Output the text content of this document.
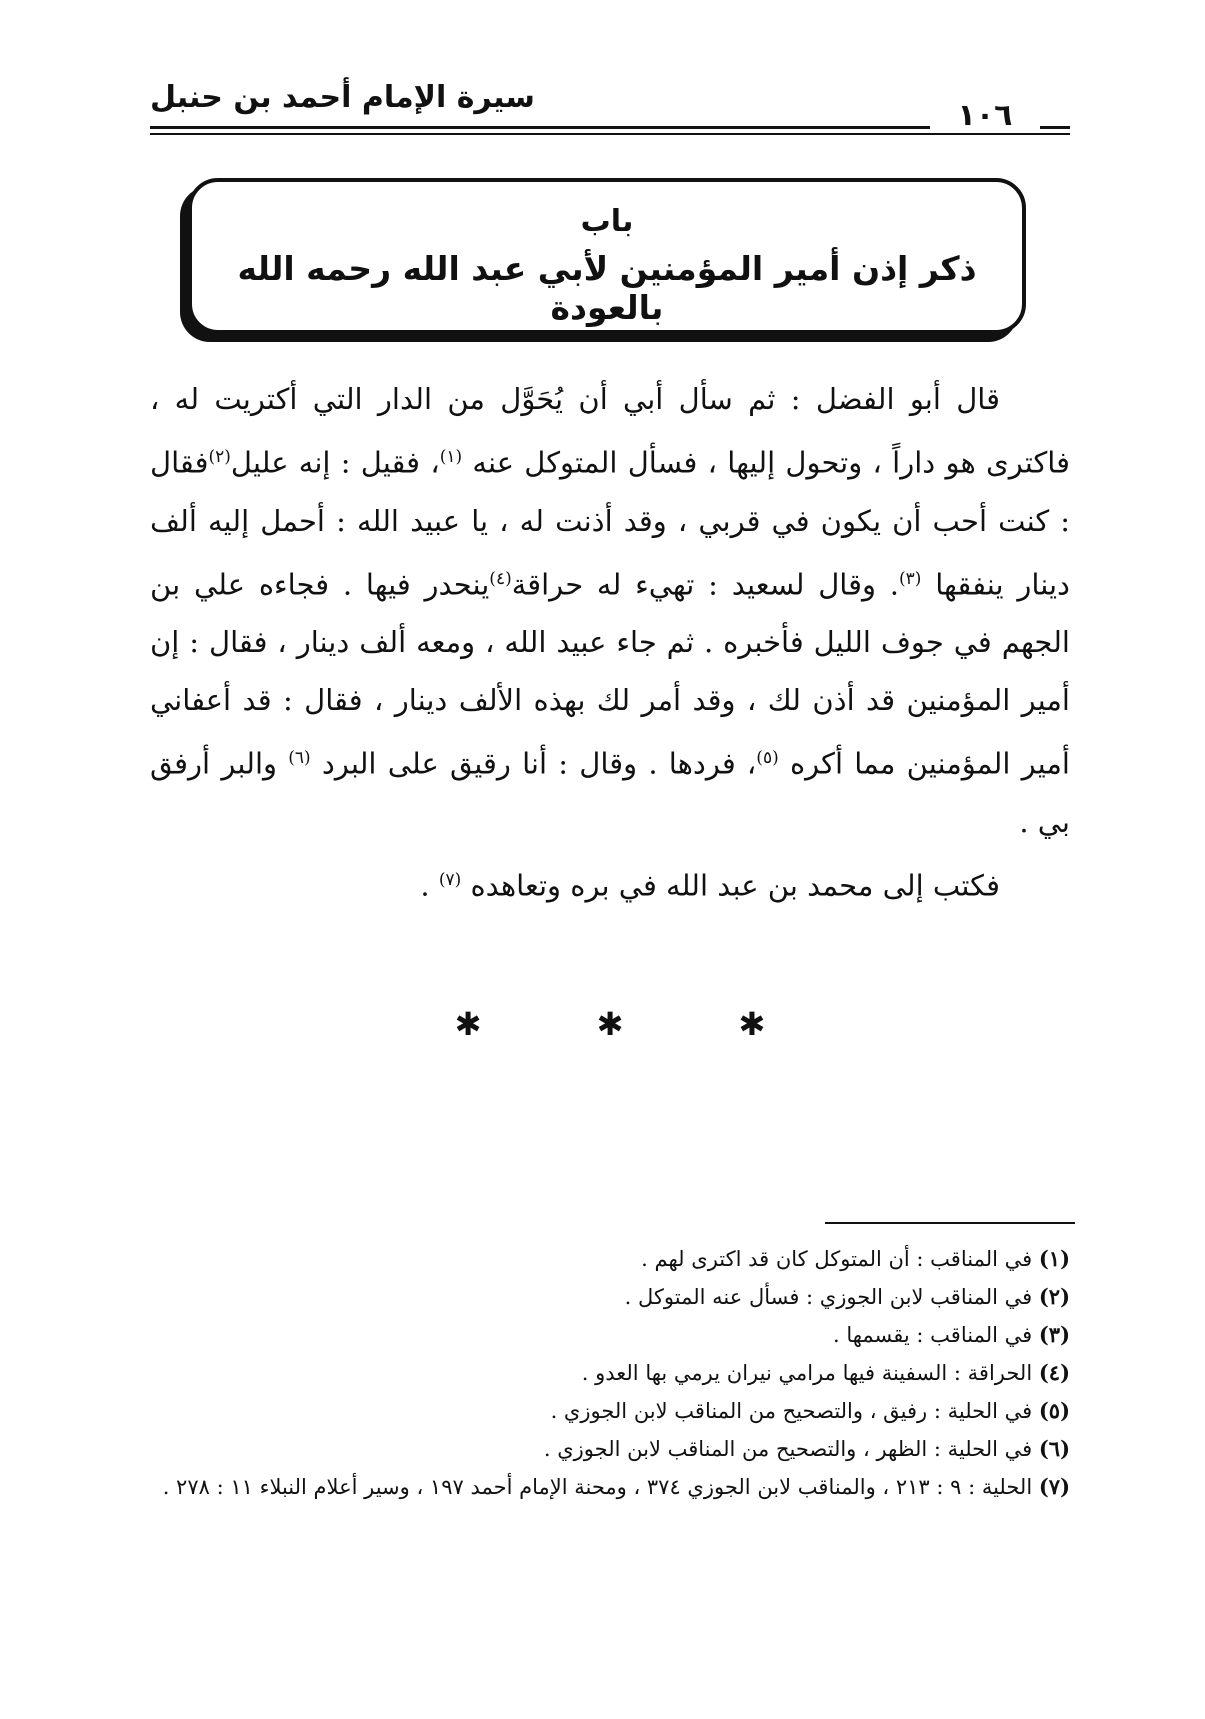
سيرة الإمام أحمد بن حنبل
١٠٦
باب
ذكر إذن أمير المؤمنين لأبي عبد الله رحمه الله بالعودة

قال أبو الفضل : ثم سأل أبي أن يُحَوَّل من الدار التي أكتريت له ، فاكترى هو داراً ، وتحول إليها ، فسأل المتوكل عنه $^{(١)}$، فقيل : إنه عليل$^{(٢)}$فقال : كنت أحب أن يكون في قربي ، وقد أذنت له ، يا عبيد الله : أحمل إليه ألف دينار ينفقها $^{(٣)}$. وقال لسعيد : تهيء له حراقة$^{(٤)}$ينحدر فيها . فجاءه علي بن الجهم في جوف الليل فأخبره . ثم جاء عبيد الله ، ومعه ألف دينار ، فقال : إن أمير المؤمنين قد أذن لك ، وقد أمر لك بهذه الألف دينار ، فقال : قد أعفاني أمير المؤمنين مما أكره $^{(٥)}$، فردها . وقال : أنا رقيق على البرد $^{(٦)}$ والبر أرفق بي .

فكتب إلى محمد بن عبد الله في بره وتعاهده $^{(٧)}$ .

✱	✱	✱

(١) في المناقب : أن المتوكل كان قد اكترى لهم .

(٢) في المناقب لابن الجوزي : فسأل عنه المتوكل .

(٣) في المناقب : يقسمها .

(٤) الحراقة : السفينة فيها مرامي نيران يرمي بها العدو .

(٥) في الحلية : رفيق ، والتصحيح من المناقب لابن الجوزي .

(٦) في الحلية : الظهر ، والتصحيح من المناقب لابن الجوزي .

(٧) الحلية : ٩ : ٢١٣ ، والمناقب لابن الجوزي ٣٧٤ ، ومحنة الإمام أحمد ١٩٧ ، وسير أعلام النبلاء ١١ : ٢٧٨ .
